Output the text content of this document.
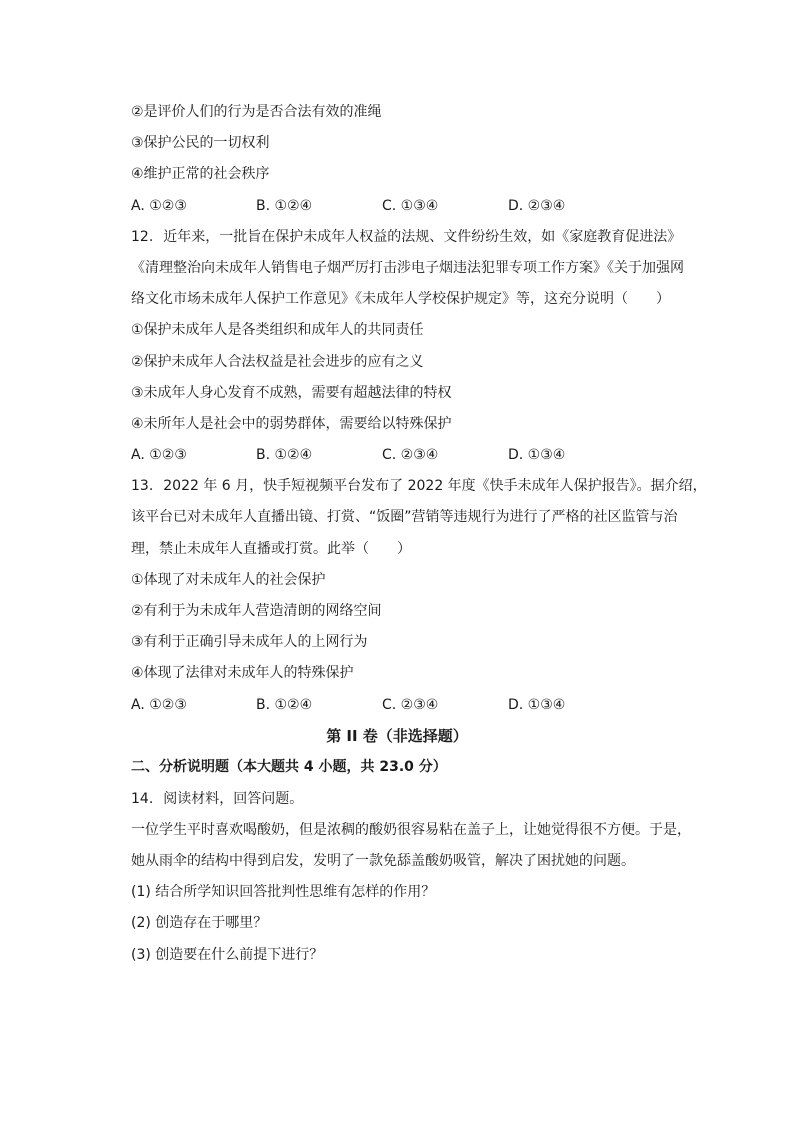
②是评价人们的行为是否合法有效的准绳
③保护公民的一切权利
④维护正常的社会秩序
A. ①②③	B. ①②④	C. ①③④	D. ②③④
12. 近年来，一批旨在保护未成年人权益的法规、文件纷纷生效，如《家庭教育促进法》
《清理整治向未成年人销售电子烟严厉打击涉电子烟违法犯罪专项工作方案》《关于加强网
络文化市场未成年人保护工作意见》《未成年人学校保护规定》等，这充分说明（　　）
①保护未成年人是各类组织和成年人的共同责任
②保护未成年人合法权益是社会进步的应有之义
③未成年人身心发育不成熟，需要有超越法律的特权
④未所年人是社会中的弱势群体，需要给以特殊保护
A. ①②③	B. ①②④	C. ②③④	D. ①③④
13. 2022 年 6 月，快手短视频平台发布了 2022 年度《快手未成年人保护报告》。据介绍，
该平台已对未成年人直播出镜、打赏、“饭圈”营销等违规行为进行了严格的社区监管与治
理，禁止未成年人直播或打赏。此举（　　）
①体现了对未成年人的社会保护
②有利于为未成年人营造清朗的网络空间
③有利于正确引导未成年人的上网行为
④体现了法律对未成年人的特殊保护
A. ①②③	B. ①②④	C. ②③④	D. ①③④
第 II 卷（非选择题）
二、分析说明题（本大题共 4 小题，共 23.0 分）
14. 阅读材料，回答问题。
一位学生平时喜欢喝酸奶，但是浓稠的酸奶很容易粘在盖子上，让她觉得很不方便。于是，
她从雨伞的结构中得到启发，发明了一款免舔盖酸奶吸管，解决了困扰她的问题。
(1) 结合所学知识回答批判性思维有怎样的作用？
(2) 创造存在于哪里？
(3) 创造要在什么前提下进行？
